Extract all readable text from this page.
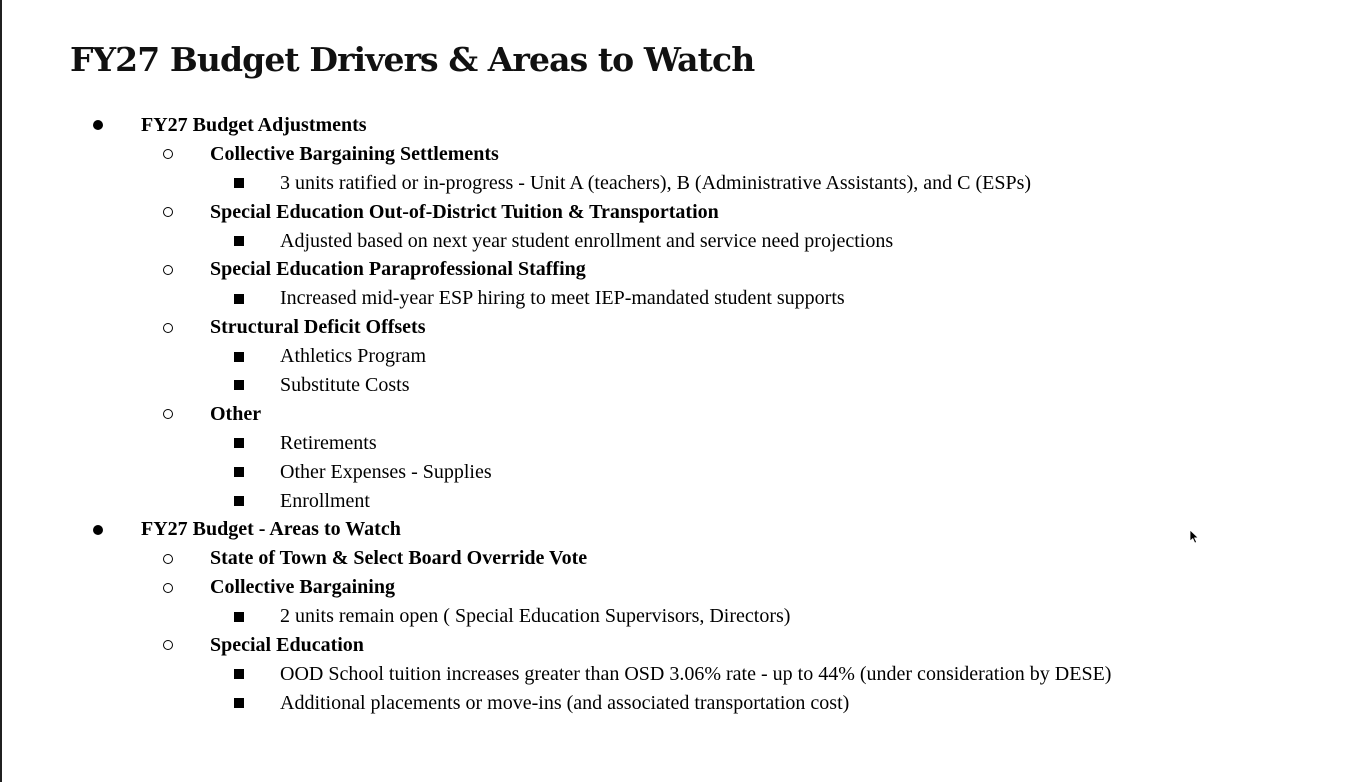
FY27 Budget Drivers & Areas to Watch
FY27 Budget Adjustments
Collective Bargaining Settlements
3 units ratified or in-progress - Unit A (teachers), B (Administrative Assistants), and C (ESPs)
Special Education Out-of-District Tuition & Transportation
Adjusted based on next year student enrollment and service need projections
Special Education Paraprofessional Staffing
Increased mid-year ESP hiring to meet IEP-mandated student supports
Structural Deficit Offsets
Athletics Program
Substitute Costs
Other
Retirements
Other Expenses - Supplies
Enrollment
FY27 Budget - Areas to Watch
State of Town & Select Board Override Vote
Collective Bargaining
2 units remain open ( Special Education Supervisors, Directors)
Special Education
OOD School tuition increases greater than OSD 3.06% rate - up to 44% (under consideration by DESE)
Additional placements or move-ins (and associated transportation cost)
